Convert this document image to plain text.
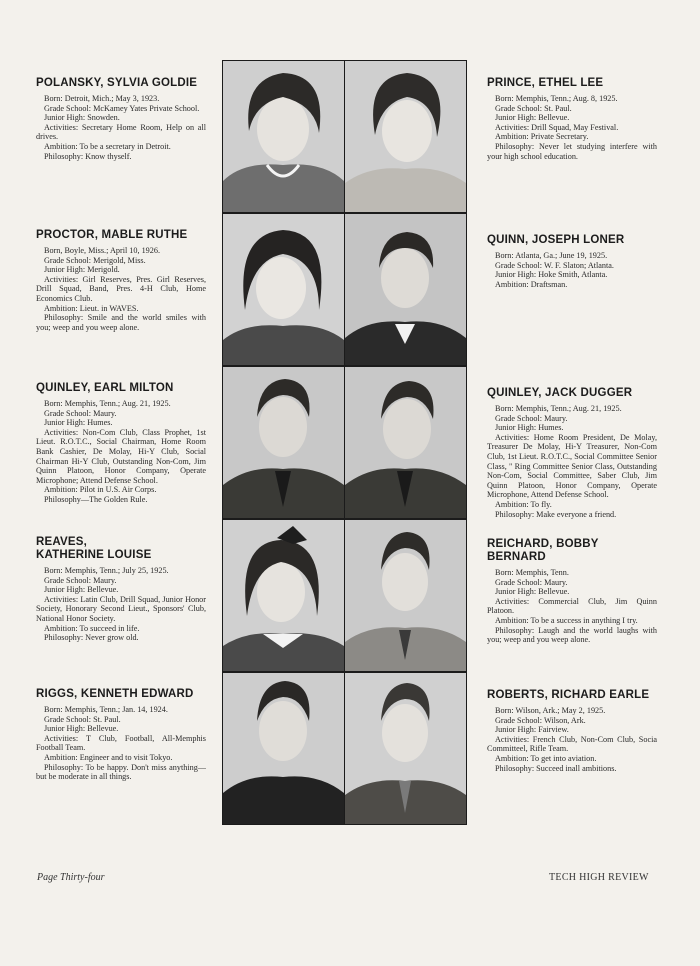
POLANSKY, SYLVIA GOLDIE

Born: Detroit, Mich.; May 3, 1923.

Grade School: McKamey Yates Private School.

Junior High: Snowden.

Activities: Secretary Home Room, Help on all drives.

Ambition: To be a secretary in Detroit.

Philosophy: Know thyself.

PRINCE, ETHEL LEE

Born: Memphis, Tenn.; Aug. 8, 1925.

Grade School: St. Paul.

Junior High: Bellevue.

Activities: Drill Squad, May Festival.

Ambition: Private Secretary.

Philosophy: Never let studying interfere with your high school education.

PROCTOR, MABLE RUTHE

Born, Boyle, Miss.; April 10, 1926.

Grade School: Merigold, Miss.

Junior High: Merigold.

Activities: Girl Reserves, Pres. Girl Reserves, Drill Squad, Band, Pres. 4-H Club, Home Economics Club.

Ambition: Lieut. in WAVES.

Philosophy: Smile and the world smiles with you; weep and you weep alone.

QUINN, JOSEPH LONER

Born: Atlanta, Ga.; June 19, 1925.

Grade School: W. F. Slaton; Atlanta.

Junior High: Hoke Smith, Atlanta.

Ambition: Draftsman.

QUINLEY, EARL MILTON

Born: Memphis, Tenn.; Aug. 21, 1925.

Grade School: Maury.

Junior High: Humes.

Activities: Non-Com Club, Class Prophet, 1st Lieut. R.O.T.C., Social Chairman, Home Room Bank Cashier, De Molay, Hi-Y Club, Social Chairman Hi-Y Club, Outstanding Non-Com, Jim Quinn Platoon, Honor Company, Operate Microphone; Attend Defense School.

Ambition: Pilot in U.S. Air Corps.

Philosophy—The Golden Rule.

QUINLEY, JACK DUGGER

Born: Memphis, Tenn.; Aug. 21, 1925.

Grade School: Maury.

Junior High: Humes.

Activities: Home Room President, De Molay, Treasurer De Molay, Hi-Y Treasurer, Non-Com Club, 1st Lieut. R.O.T.C., Social Committee Senior Class, " Ring Committee Senior Class, Outstanding Non-Com, Social Committee, Saber Club, Jim Quinn Platoon, Honor Company, Operate Microphone, Attend Defense School.

Ambition: To fly.

Philosophy: Make everyone a friend.

REAVES, KATHERINE LOUISE

Born: Memphis, Tenn.; July 25, 1925.

Grade School: Maury.

Junior High: Bellevue.

Activities: Latin Club, Drill Squad, Junior Honor Society, Honorary Second Lieut., Sponsors' Club, National Honor Society.

Ambition: To succeed in life.

Philosophy: Never grow old.

REICHARD, BOBBY BERNARD

Born: Memphis, Tenn.

Grade School: Maury.

Junior High: Bellevue.

Activities: Commercial Club, Jim Quinn Platoon.

Ambition: To be a success in anything I try.

Philosophy: Laugh and the world laughs with you; weep and you weep alone.

RIGGS, KENNETH EDWARD

Born: Memphis, Tenn.; Jan. 14, 1924.

Grade School: St. Paul.

Junior High: Bellevue.

Activities: T Club, Football, All-Memphis Football Team.

Ambition: Engineer and to visit Tokyo.

Philosophy: To be happy. Don't miss anything—but be moderate in all things.

ROBERTS, RICHARD EARLE

Born: Wilson, Ark.; May 2, 1925.

Grade School: Wilson, Ark.

Junior High: Fairview.

Activities: French Club, Non-Com Club, Socia Committeel, Rifle Team.

Ambition: To get into aviation.

Philosophy: Succeed inall ambitions.

Page Thirty-four	TECH HIGH REVIEW
